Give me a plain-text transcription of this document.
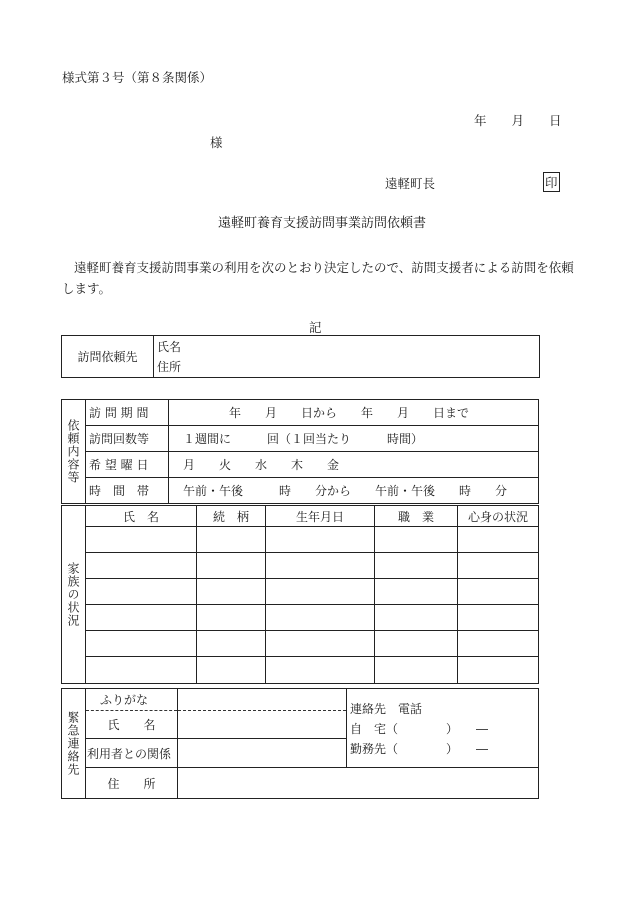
様式第３号（第８条関係）
年　　月　　日
様
遠軽町長	印
遠軽町養育支援訪問事業訪問依頼書
遠軽町養育支援訪問事業の利用を次のとおり決定したので、訪問支援者による訪問を依頼
します。
記
訪問依頼先	氏名
住所
依頼内容等	訪 問 期 間	年　　月　　日から　　年　　月　　日まで
	訪問回数等	１週間に　　　回（１回当たり　　　時間）
	希 望 曜 日	月　　火　　水　　木　　金
	時　間　帯	午前・午後　　　時　　分から　　午前・午後　　時　　分
家族の状況	氏　名	続　柄	生年月日	職　業	心身の状況

緊急連絡先	ふりがな		連絡先　電話
自　宅（　　　　）　　―
勤務先（　　　　）　　―

	氏　　名		
	利用者との関係		
	住　　所		
